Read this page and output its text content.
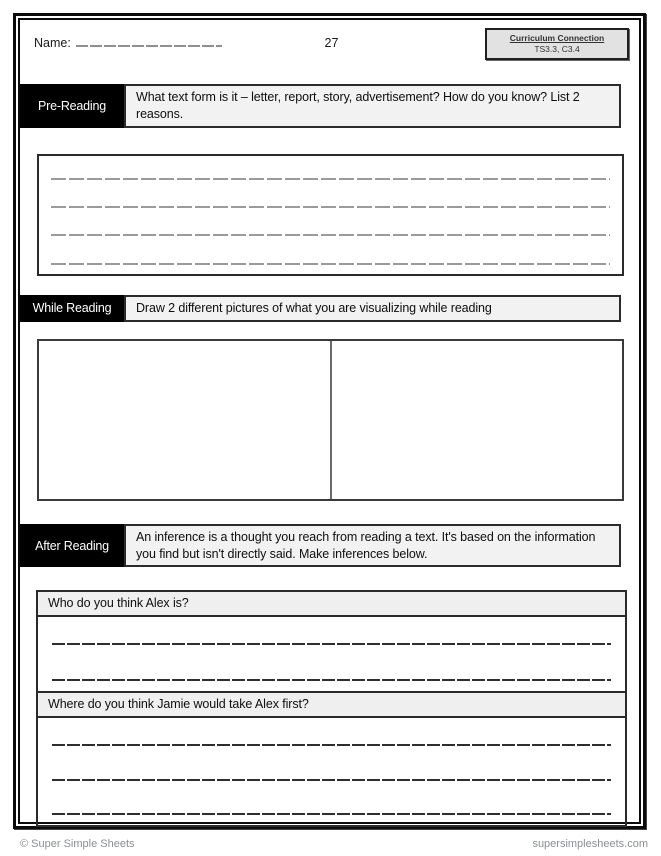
Name:	27	Curriculum Connection
TS3.3, C3.4
Pre-Reading
What text form is it – letter, report, story, advertisement? How do you know? List 2 reasons.
While Reading	Draw 2 different pictures of what you are visualizing while reading
After Reading
An inference is a thought you reach from reading a text. It's based on the information you find but isn't directly said. Make inferences below.
Who do you think Alex is?
Where do you think Jamie would take Alex first?
© Super Simple Sheets	supersimplesheets.com
